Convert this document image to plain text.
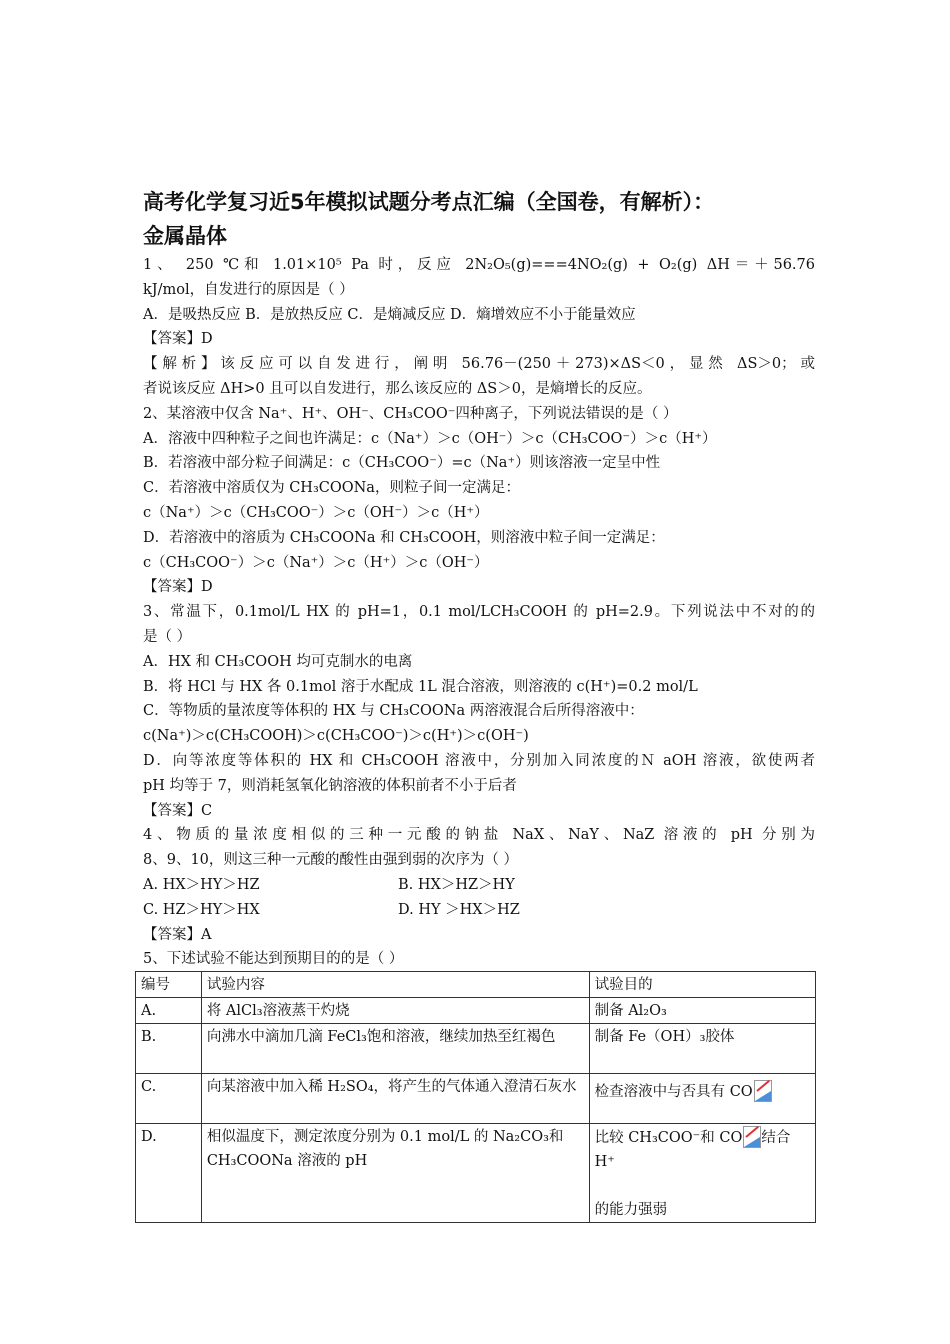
高考化学复习近5年模拟试题分考点汇编（全国卷，有解析）：

金属晶体

1、 250 ℃和 1.01×10⁵ Pa 时，反应 2N₂O₅(g)===4NO₂(g) + O₂(g) ΔH＝＋56.76

kJ/mol，自发进行的原因是（ ）

A．是吸热反应 B．是放热反应 C．是熵减反应 D．熵增效应不小于能量效应

【答案】D

【解析】该反应可以自发进行，阐明 56.76－(250＋273)×ΔS＜0，显然 ΔS＞0；或

者说该反应 ΔH>0 且可以自发进行，那么该反应的 ΔS＞0，是熵增长的反应。

2、某溶液中仅含 Na⁺、H⁺、OH⁻、CH₃COO⁻四种离子，下列说法错误的是（ ）

A．溶液中四种粒子之间也许满足：c（Na⁺）＞c（OH⁻）＞c（CH₃COO⁻）＞c（H⁺）

B．若溶液中部分粒子间满足：c（CH₃COO⁻）=c（Na⁺）则该溶液一定呈中性

C．若溶液中溶质仅为 CH₃COONa，则粒子间一定满足：

c（Na⁺）＞c（CH₃COO⁻）＞c（OH⁻）＞c（H⁺）

D．若溶液中的溶质为 CH₃COONa 和 CH₃COOH，则溶液中粒子间一定满足：

c（CH₃COO⁻）＞c（Na⁺）＞c（H⁺）＞c（OH⁻）

【答案】D

3、常温下，0.1mol/L HX 的 pH=1，0.1 mol/LCH₃COOH 的 pH=2.9。下列说法中不对的的

是（ ）

A．HX 和 CH₃COOH 均可克制水的电离

B．将 HCl 与 HX 各 0.1mol 溶于水配成 1L 混合溶液，则溶液的 c(H⁺)=0.2 mol/L

C．等物质的量浓度等体积的 HX 与 CH₃COONa 两溶液混合后所得溶液中：

c(Na⁺)＞c(CH₃COOH)＞c(CH₃COO⁻)＞c(H⁺)＞c(OH⁻)

D．向等浓度等体积的 HX 和 CH₃COOH 溶液中，分别加入同浓度的Ｎ aOH 溶液，欲使两者

pH 均等于 7，则消耗氢氧化钠溶液的体积前者不小于后者

【答案】C

4、物质的量浓度相似的三种一元酸的钠盐 NaX、NaY、NaZ 溶液的 pH 分别为

8、9、10，则这三种一元酸的酸性由强到弱的次序为（ ）

A. HX＞HY＞HZ	B. HX＞HZ＞HY
C. HZ＞HY＞HX	D. HY ＞HX＞HZ

【答案】A

5、下述试验不能达到预期目的的是（ ）

编号	试验内容	试验目的
A.	将 AlCl₃溶液蒸干灼烧	制备 Al₂O₃
B.	向沸水中滴加几滴 FeCl₃饱和溶液，继续加热至红褐色	制备 Fe（OH）₃胶体
C.	向某溶液中加入稀 H₂SO₄，将产生的气体通入澄清石灰水	检查溶液中与否具有 CO

D.	相似温度下，测定浓度分别为 0.1 mol/L 的 Na₂CO₃和 CH₃COONa 溶液的 pH	比较 CH₃COO⁻和 CO 结合 H⁺
的能力强弱
